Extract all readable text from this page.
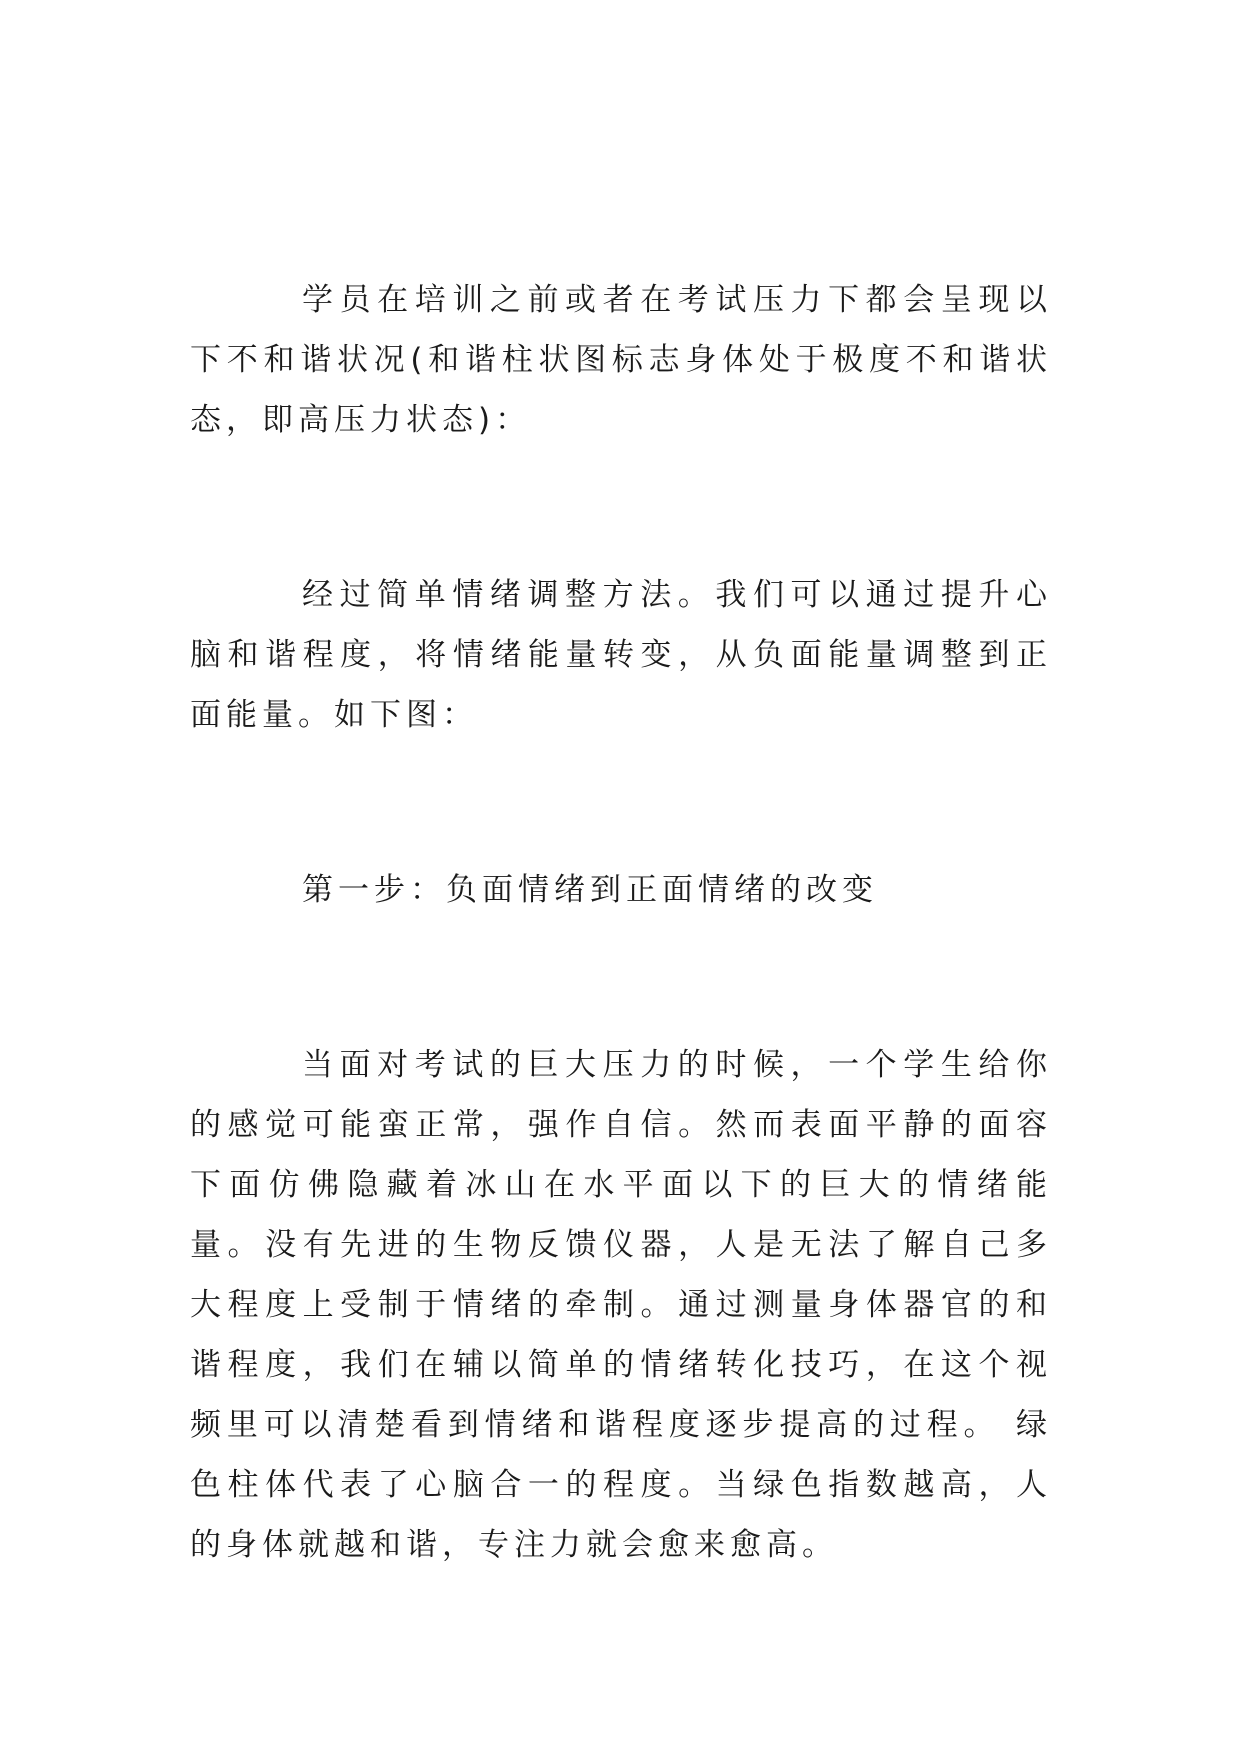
学员在培训之前或者在考试压力下都会呈现以下不和谐状况(和谐柱状图标志身体处于极度不和谐状态，即高压力状态)：

经过简单情绪调整方法。我们可以通过提升心脑和谐程度，将情绪能量转变，从负面能量调整到正面能量。如下图：

第一步：负面情绪到正面情绪的改变

当面对考试的巨大压力的时候，一个学生给你的感觉可能蛮正常，强作自信。然而表面平静的面容下面仿佛隐藏着冰山在水平面以下的巨大的情绪能量。没有先进的生物反馈仪器，人是无法了解自己多大程度上受制于情绪的牵制。通过测量身体器官的和谐程度，我们在辅以简单的情绪转化技巧，在这个视频里可以清楚看到情绪和谐程度逐步提高的过程。 绿色柱体代表了心脑合一的程度。当绿色指数越高，人的身体就越和谐，专注力就会愈来愈高。
